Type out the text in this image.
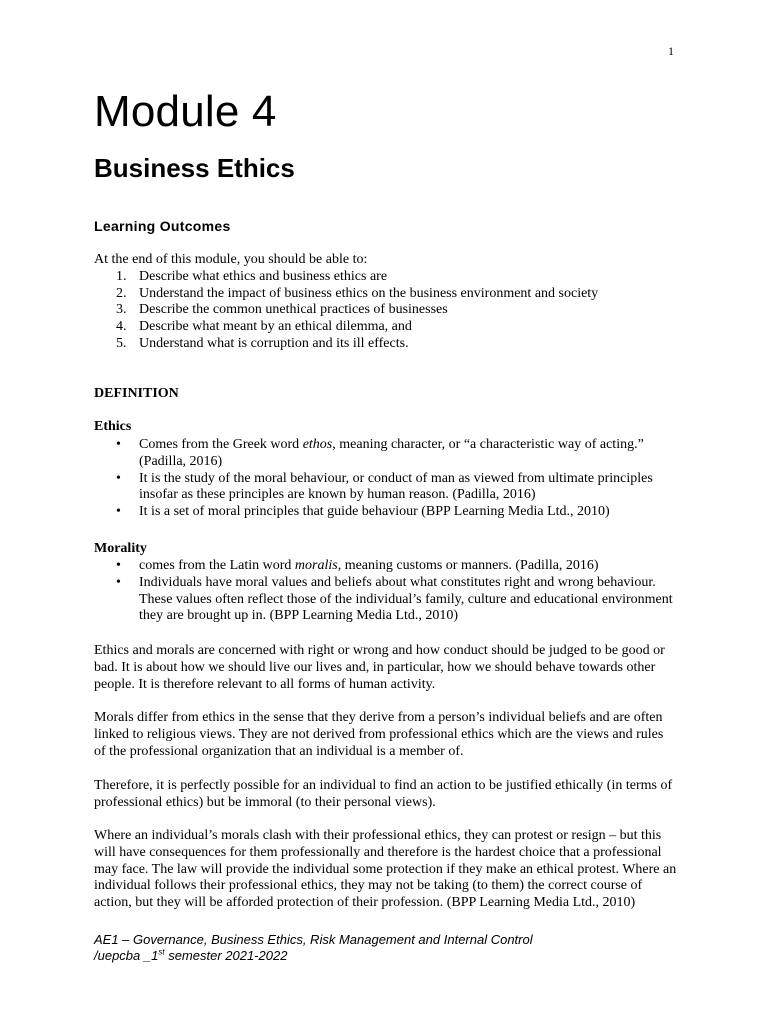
1
Module 4
Business Ethics
Learning Outcomes
At the end of this module, you should be able to:
1. Describe what ethics and business ethics are
2. Understand the impact of business ethics on the business environment and society
3. Describe the common unethical practices of businesses
4. Describe what meant by an ethical dilemma, and
5. Understand what is corruption and its ill effects.
DEFINITION
Ethics
• Comes from the Greek word ethos, meaning character, or “a characteristic way of acting.” (Padilla, 2016)
• It is the study of the moral behaviour, or conduct of man as viewed from ultimate principles insofar as these principles are known by human reason. (Padilla, 2016)
• It is a set of moral principles that guide behaviour (BPP Learning Media Ltd., 2010)
Morality
• comes from the Latin word moralis, meaning customs or manners. (Padilla, 2016)
• Individuals have moral values and beliefs about what constitutes right and wrong behaviour. These values often reflect those of the individual’s family, culture and educational environment they are brought up in. (BPP Learning Media Ltd., 2010)

Ethics and morals are concerned with right or wrong and how conduct should be judged to be good or bad. It is about how we should live our lives and, in particular, how we should behave towards other people. It is therefore relevant to all forms of human activity.

Morals differ from ethics in the sense that they derive from a person’s individual beliefs and are often linked to religious views. They are not derived from professional ethics which are the views and rules of the professional organization that an individual is a member of.

Therefore, it is perfectly possible for an individual to find an action to be justified ethically (in terms of professional ethics) but be immoral (to their personal views).

Where an individual’s morals clash with their professional ethics, they can protest or resign – but this will have consequences for them professionally and therefore is the hardest choice that a professional may face. The law will provide the individual some protection if they make an ethical protest. Where an individual follows their professional ethics, they may not be taking (to them) the correct course of action, but they will be afforded protection of their profession. (BPP Learning Media Ltd., 2010)

AE1 – Governance, Business Ethics, Risk Management and Internal Control
/uepcba _1st semester 2021-2022
